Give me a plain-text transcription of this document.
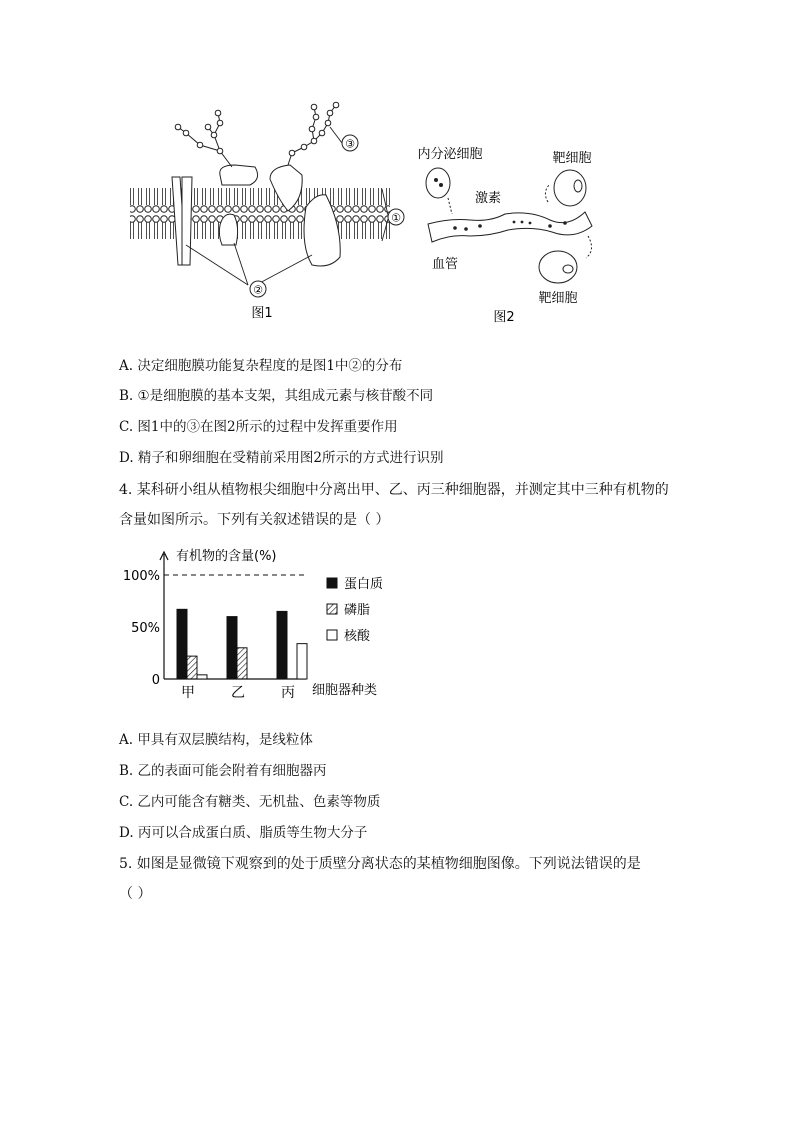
③
①
②
图1
内分泌细胞
激素
血管
靶细胞
靶细胞
图2
A. 决定细胞膜功能复杂程度的是图1中②的分布
B. ①是细胞膜的基本支架，其组成元素与核苷酸不同
C. 图1中的③在图2所示的过程中发挥重要作用
D. 精子和卵细胞在受精前采用图2所示的方式进行识别
4. 某科研小组从植物根尖细胞中分离出甲、乙、丙三种细胞器，并测定其中三种有机物的
含量如图所示。下列有关叙述错误的是（ ）
有机物的含量(%)
细胞器种类
100%
50%
0
甲	乙	丙
蛋白质
磷脂
核酸
A. 甲具有双层膜结构，是线粒体
B. 乙的表面可能会附着有细胞器丙
C. 乙内可能含有糖类、无机盐、色素等物质
D. 丙可以合成蛋白质、脂质等生物大分子
5. 如图是显微镜下观察到的处于质壁分离状态的某植物细胞图像。下列说法错误的是
（ ）
